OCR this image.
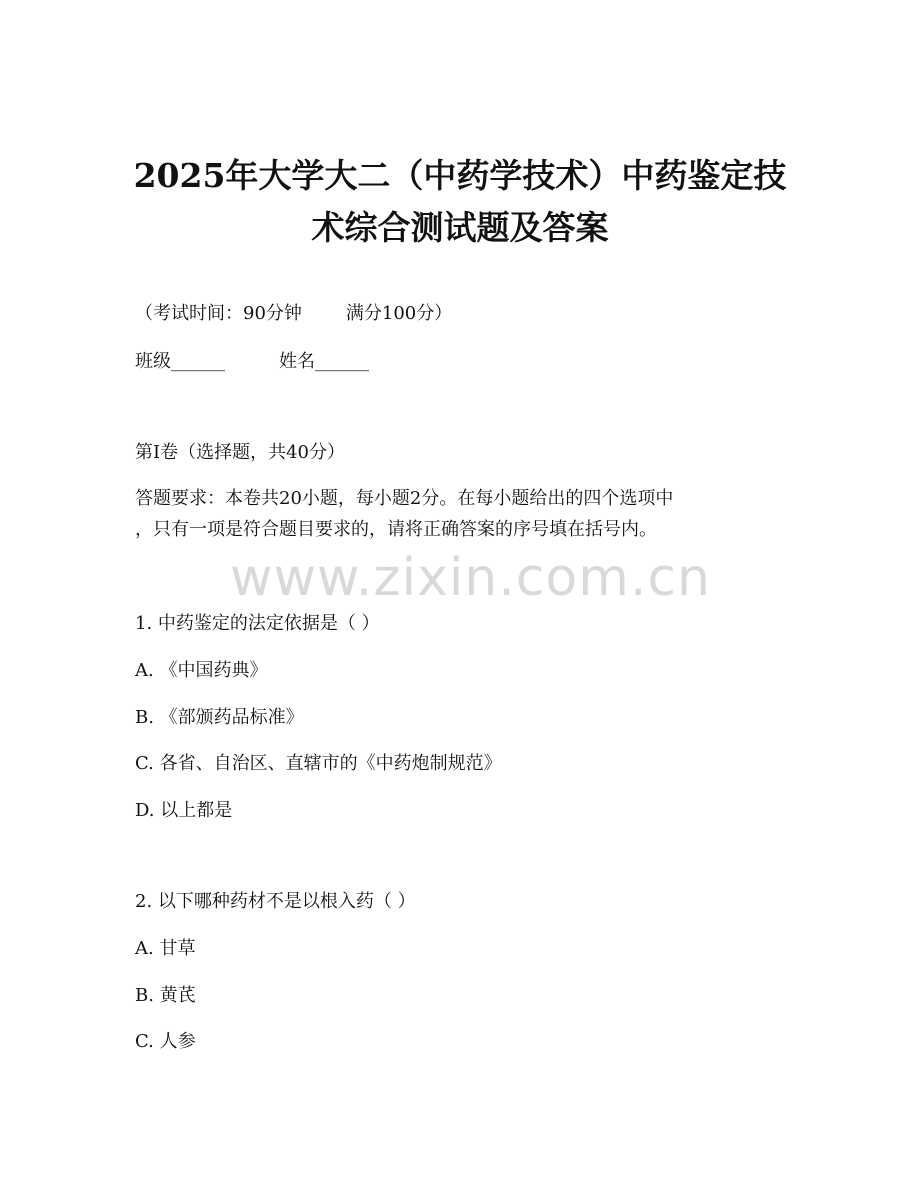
2025年大学大二（中药学技术）中药鉴定技
术综合测试题及答案

（考试时间：90分钟 满分100分）

班级______	姓名______

第I卷（选择题，共40分）

答题要求：本卷共20小题，每小题2分。在每小题给出的四个选项中

，只有一项是符合题目要求的，请将正确答案的序号填在括号内。

www.zixin.com.cn

1. 中药鉴定的法定依据是（ ）

A. 《中国药典》

B. 《部颁药品标准》

C. 各省、自治区、直辖市的《中药炮制规范》

D. 以上都是

2. 以下哪种药材不是以根入药（ ）

A. 甘草

B. 黄芪

C. 人参
